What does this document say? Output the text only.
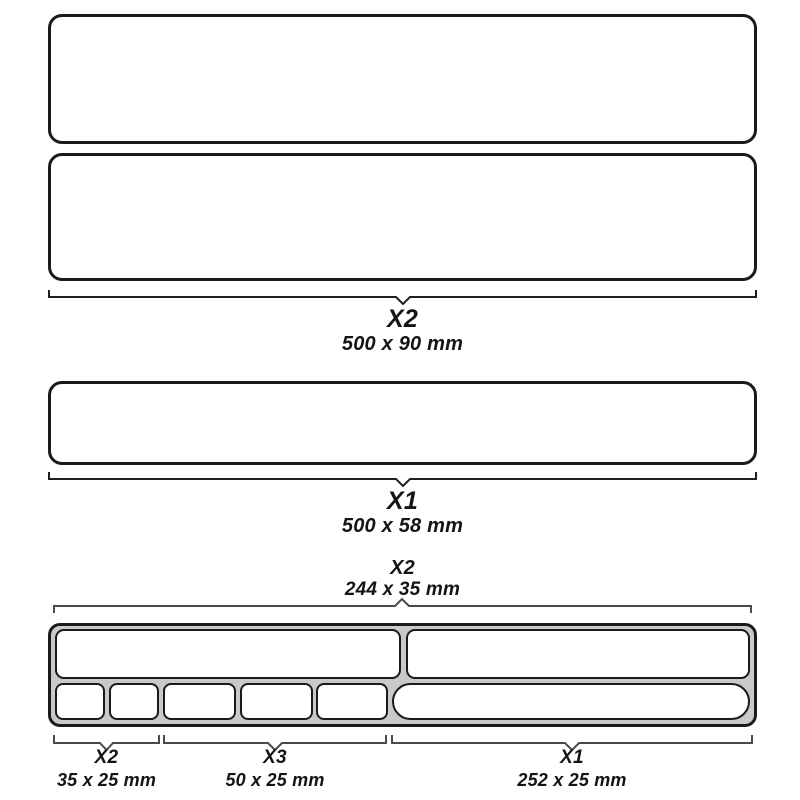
X2
500 x 90 mm
X1
500 x 58 mm
X2
244 x 35 mm
X2
35 x 25 mm
X3
50 x 25 mm
X1
252 x 25 mm
